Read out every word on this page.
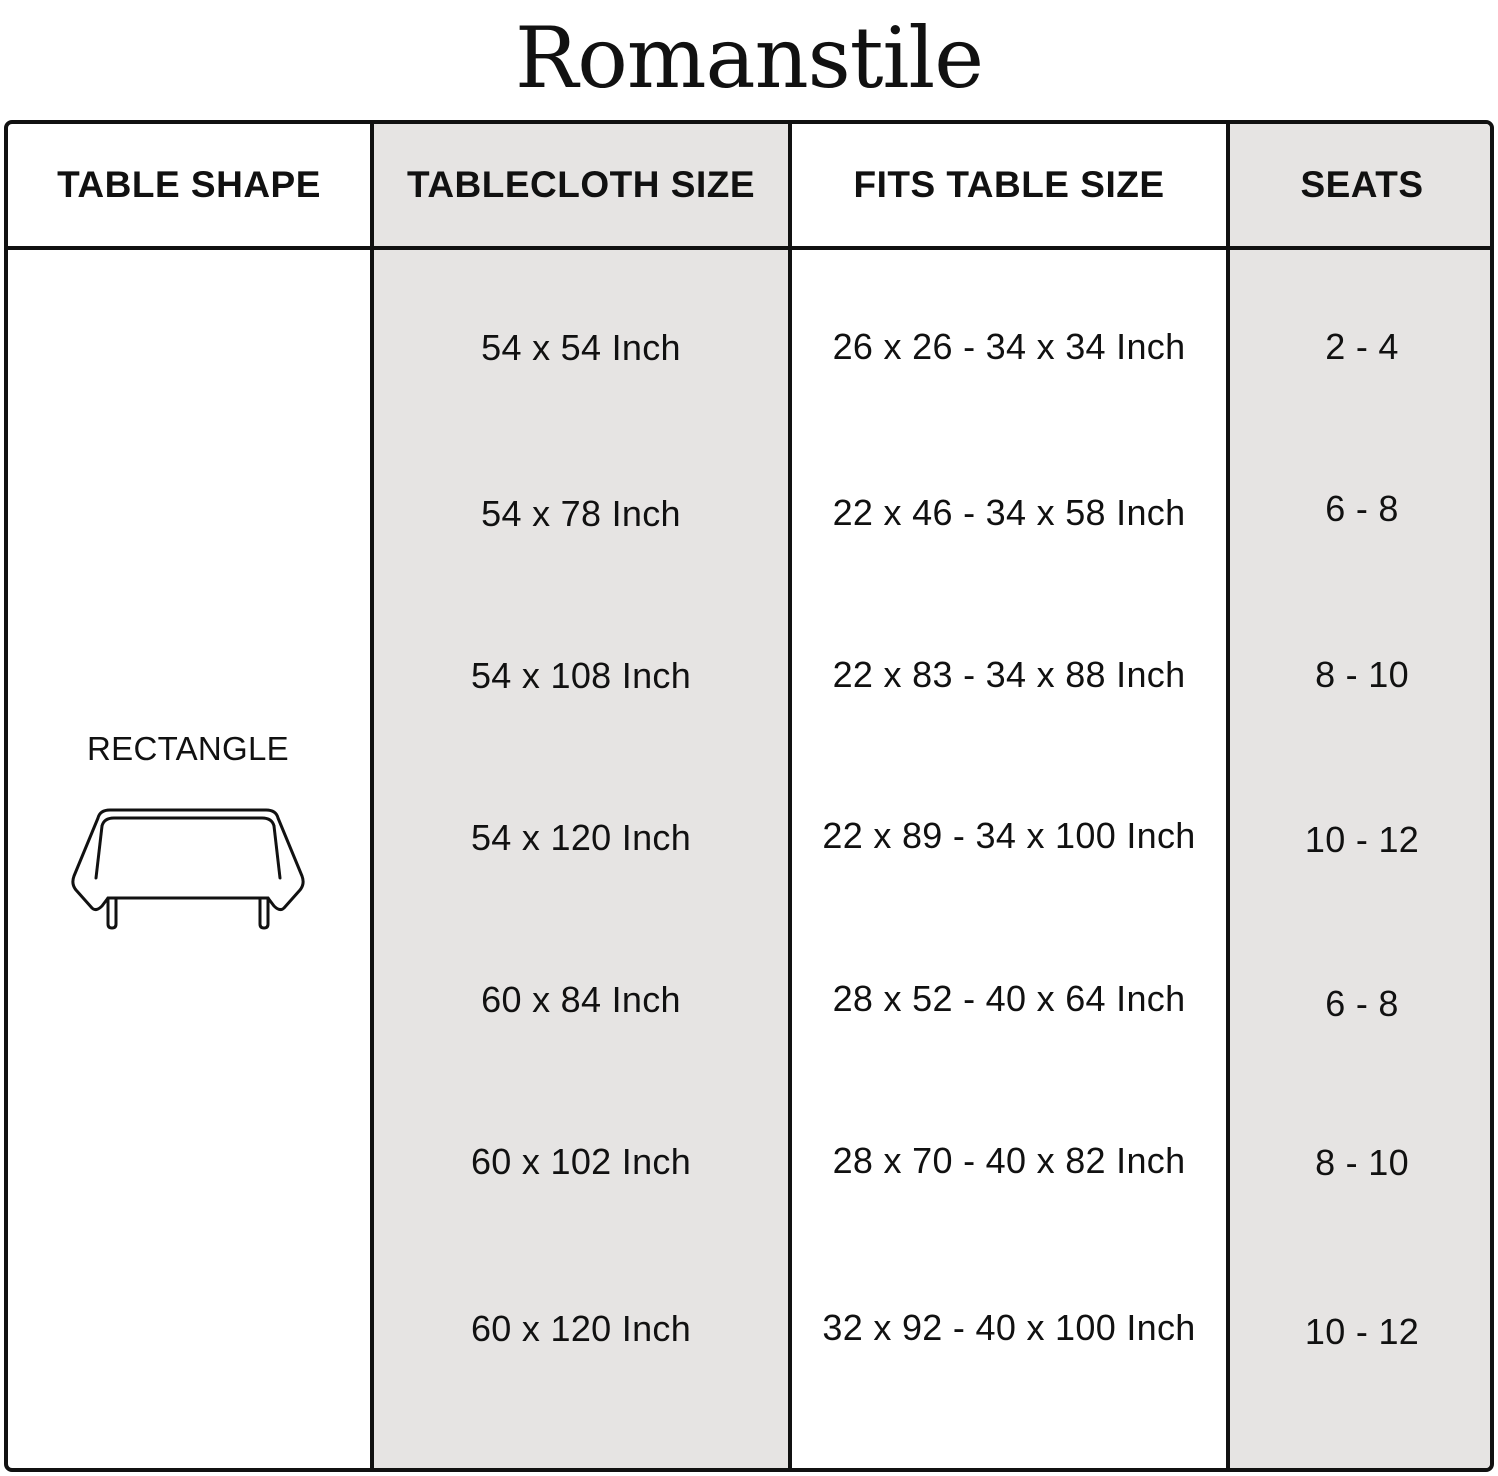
Romanstile
TABLE SHAPE	TABLECLOTH SIZE	FITS TABLE SIZE	SEATS
RECTANGLE
54 x 54 Inch	26 x 26 - 34 x 34 Inch	2 - 4
54 x 78 Inch	22 x 46 - 34 x 58 Inch	6 - 8
54 x 108 Inch	22 x 83 - 34 x 88 Inch	8 - 10
54 x 120 Inch	22 x 89 - 34 x 100 Inch	10 - 12
60 x 84 Inch	28 x 52 - 40 x 64 Inch	6 - 8
60 x 102 Inch	28 x 70 - 40 x 82 Inch	8 - 10
60 x 120 Inch	32 x 92 - 40 x 100 Inch	10 - 12
